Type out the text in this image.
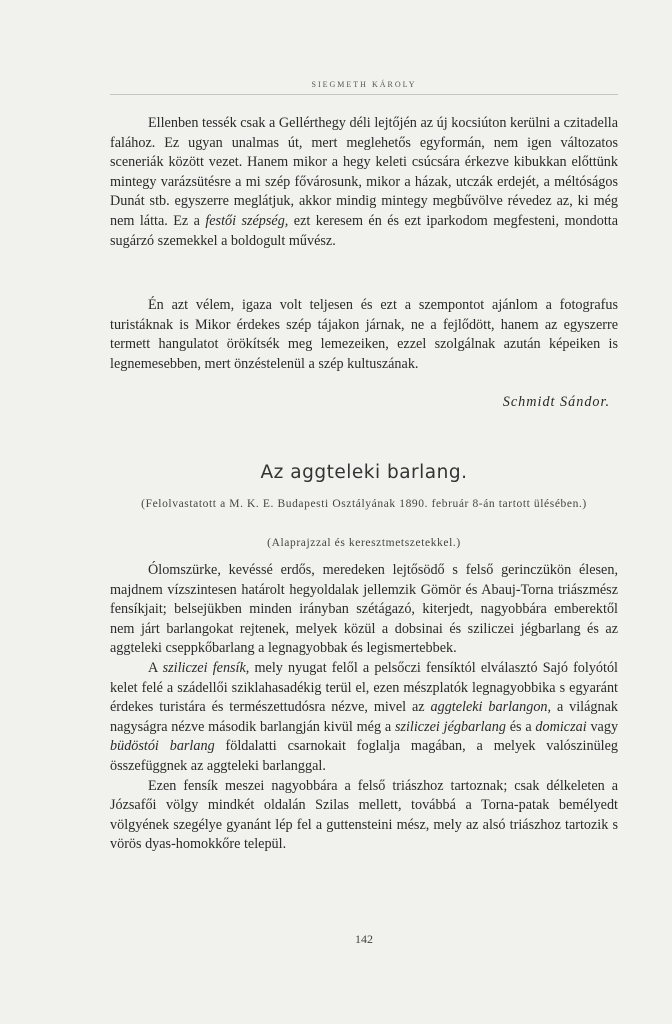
SIEGMETH KÁROLY

Ellenben tessék csak a Gellérthegy déli lejtőjén az új kocsiúton kerülni a czitadella falához. Ez ugyan unalmas út, mert meglehetős egyformán, nem igen változatos sceneriák között vezet. Hanem mikor a hegy keleti csúcsára érkezve kibukkan előttünk mintegy varázsütésre a mi szép fővárosunk, mikor a házak, utczák erdejét, a méltóságos Dunát stb. egyszerre meglátjuk, akkor mindig mintegy megbűvölve révedez az, ki még nem látta. Ez a festői szépség, ezt keresem én és ezt iparkodom megfesteni, mondotta sugárzó szemekkel a boldogult művész.

Én azt vélem, igaza volt teljesen és ezt a szempontot ajánlom a fotografus turistáknak is Mikor érdekes szép tájakon járnak, ne a fejlődött, hanem az egyszerre termett hangulatot örökítsék meg lemezeiken, ezzel szolgálnak azután képeiken is legnemesebben, mert önzéstelenül a szép kultuszának.

Schmidt Sándor.
Az aggteleki barlang.
(Felolvastatott a M. K. E. Budapesti Osztályának 1890. február 8-án tartott ülésében.)
(Alaprajzzal és keresztmetszetekkel.)

Ólomszürke, kevéssé erdős, meredeken lejtősödő s felső gerinczükön élesen, majdnem vízszintesen határolt hegyoldalak jellemzik Gömör és Abauj-Torna triászmész fensíkjait; belsejükben minden irányban szétágazó, kiterjedt, nagyobbára emberektől nem járt barlangokat rejtenek, melyek közül a dobsinai és sziliczei jégbarlang és az aggteleki cseppkőbarlang a legnagyobbak és legismertebbek.

A sziliczei fensík, mely nyugat felől a pelsőczi fensíktól elválasztó Sajó folyótól kelet felé a szádellői sziklahasadékig terül el, ezen mészplatók legnagyobbika s egyaránt érdekes turistára és természettudósra nézve, mivel az aggteleki barlangon, a világnak nagyságra nézve második barlangján kivül még a sziliczei jégbarlang és a domiczai vagy büdöstói barlang földalatti csarnokait foglalja magában, a melyek valószinüleg összefüggnek az aggteleki barlanggal.

Ezen fensík meszei nagyobbára a felső triászhoz tartoznak; csak délkeleten a Józsafői völgy mindkét oldalán Szilas mellett, továbbá a Torna-patak bemélyedt völgyének szegélye gyanánt lép fel a guttensteini mész, mely az alsó triászhoz tartozik s vörös dyas-homokkőre települ.

142
